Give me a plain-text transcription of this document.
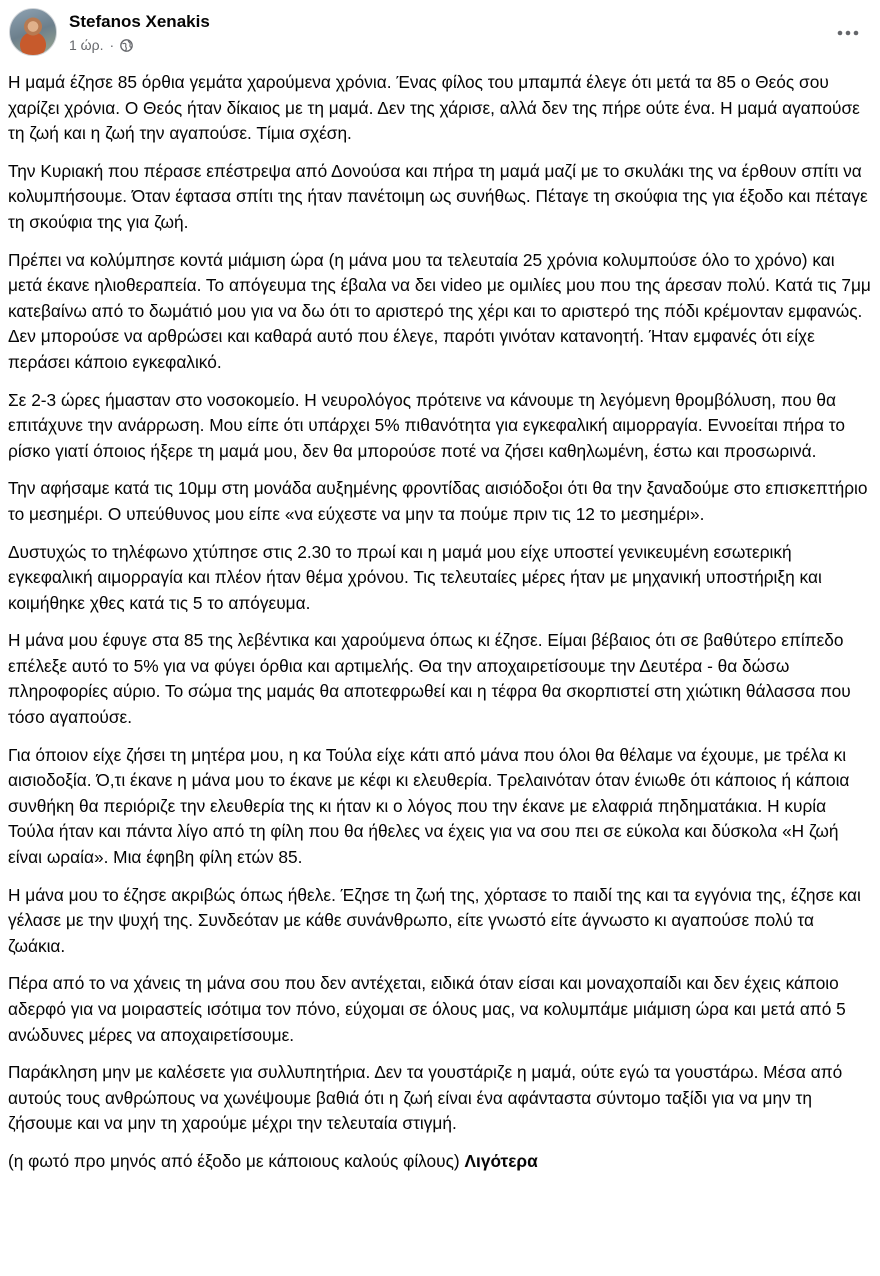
Stefanos Xenakis
1 ώρ. ·

Η μαμά έζησε 85 όρθια γεμάτα χαρούμενα χρόνια. Ένας φίλος του μπαμπά έλεγε ότι μετά τα 85 ο Θεός σου χαρίζει χρόνια. Ο Θεός ήταν δίκαιος με τη μαμά. Δεν της χάρισε, αλλά δεν της πήρε ούτε ένα. Η μαμά αγαπούσε τη ζωή και η ζωή την αγαπούσε. Τίμια σχέση.

Την Κυριακή που πέρασε επέστρεψα από Δονούσα και πήρα τη μαμά μαζί με το σκυλάκι της να έρθουν σπίτι να κολυμπήσουμε. Όταν έφτασα σπίτι της ήταν πανέτοιμη ως συνήθως. Πέταγε τη σκούφια της για έξοδο και πέταγε τη σκούφια της για ζωή.

Πρέπει να κολύμπησε κοντά μιάμιση ώρα (η μάνα μου τα τελευταία 25 χρόνια κολυμπούσε όλο το χρόνο) και μετά έκανε ηλιοθεραπεία. Το απόγευμα της έβαλα να δει video με ομιλίες μου που της άρεσαν πολύ. Κατά τις 7μμ κατεβαίνω από το δωμάτιό μου για να δω ότι το αριστερό της χέρι και το αριστερό της πόδι κρέμονταν εμφανώς. Δεν μπορούσε να αρθρώσει και καθαρά αυτό που έλεγε, παρότι γινόταν κατανοητή. Ήταν εμφανές ότι είχε περάσει κάποιο εγκεφαλικό.

Σε 2-3 ώρες ήμασταν στο νοσοκομείο. Η νευρολόγος πρότεινε να κάνουμε τη λεγόμενη θρομβόλυση, που θα επιτάχυνε την ανάρρωση. Μου είπε ότι υπάρχει 5% πιθανότητα για εγκεφαλική αιμορραγία. Εννοείται πήρα το ρίσκο γιατί όποιος ήξερε τη μαμά μου, δεν θα μπορούσε ποτέ να ζήσει καθηλωμένη, έστω και προσωρινά.

Την αφήσαμε κατά τις 10μμ στη μονάδα αυξημένης φροντίδας αισιόδοξοι ότι θα την ξαναδούμε στο επισκεπτήριο το μεσημέρι. Ο υπεύθυνος μου είπε «να εύχεστε να μην τα πούμε πριν τις 12 το μεσημέρι».

Δυστυχώς το τηλέφωνο χτύπησε στις 2.30 το πρωί και η μαμά μου είχε υποστεί γενικευμένη εσωτερική εγκεφαλική αιμορραγία και πλέον ήταν θέμα χρόνου. Τις τελευταίες μέρες ήταν με μηχανική υποστήριξη και κοιμήθηκε χθες κατά τις 5 το απόγευμα.

Η μάνα μου έφυγε στα 85 της λεβέντικα και χαρούμενα όπως κι έζησε. Είμαι βέβαιος ότι σε βαθύτερο επίπεδο επέλεξε αυτό το 5% για να φύγει όρθια και αρτιμελής. Θα την αποχαιρετίσουμε την Δευτέρα - θα δώσω πληροφορίες αύριο. Το σώμα της μαμάς θα αποτεφρωθεί και η τέφρα θα σκορπιστεί στη χιώτικη θάλασσα που τόσο αγαπούσε.

Για όποιον είχε ζήσει τη μητέρα μου, η κα Τούλα είχε κάτι από μάνα που όλοι θα θέλαμε να έχουμε, με τρέλα κι αισιοδοξία. Ό,τι έκανε η μάνα μου το έκανε με κέφι κι ελευθερία. Τρελαινόταν όταν ένιωθε ότι κάποιος ή κάποια συνθήκη θα περιόριζε την ελευθερία της κι ήταν κι ο λόγος που την έκανε με ελαφριά πηδηματάκια. Η κυρία Τούλα ήταν και πάντα λίγο από τη φίλη που θα ήθελες να έχεις για να σου πει σε εύκολα και δύσκολα «Η ζωή είναι ωραία». Μια έφηβη φίλη ετών 85.

Η μάνα μου το έζησε ακριβώς όπως ήθελε. Έζησε τη ζωή της, χόρτασε το παιδί της και τα εγγόνια της, έζησε και γέλασε με την ψυχή της. Συνδεόταν με κάθε συνάνθρωπο, είτε γνωστό είτε άγνωστο κι αγαπούσε πολύ τα ζωάκια.

Πέρα από το να χάνεις τη μάνα σου που δεν αντέχεται, ειδικά όταν είσαι και μοναχοπαίδι και δεν έχεις κάποιο αδερφό για να μοιραστείς ισότιμα τον πόνο, εύχομαι σε όλους μας, να κολυμπάμε μιάμιση ώρα και μετά από 5 ανώδυνες μέρες να αποχαιρετίσουμε.

Παράκληση μην με καλέσετε για συλλυπητήρια. Δεν τα γουστάριζε η μαμά, ούτε εγώ τα γουστάρω. Μέσα από αυτούς τους ανθρώπους να χωνέψουμε βαθιά ότι η ζωή είναι ένα αφάνταστα σύντομο ταξίδι για να μην τη ζήσουμε και να μην τη χαρούμε μέχρι την τελευταία στιγμή.

(η φωτό προ μηνός από έξοδο με κάποιους καλούς φίλους) Λιγότερα
